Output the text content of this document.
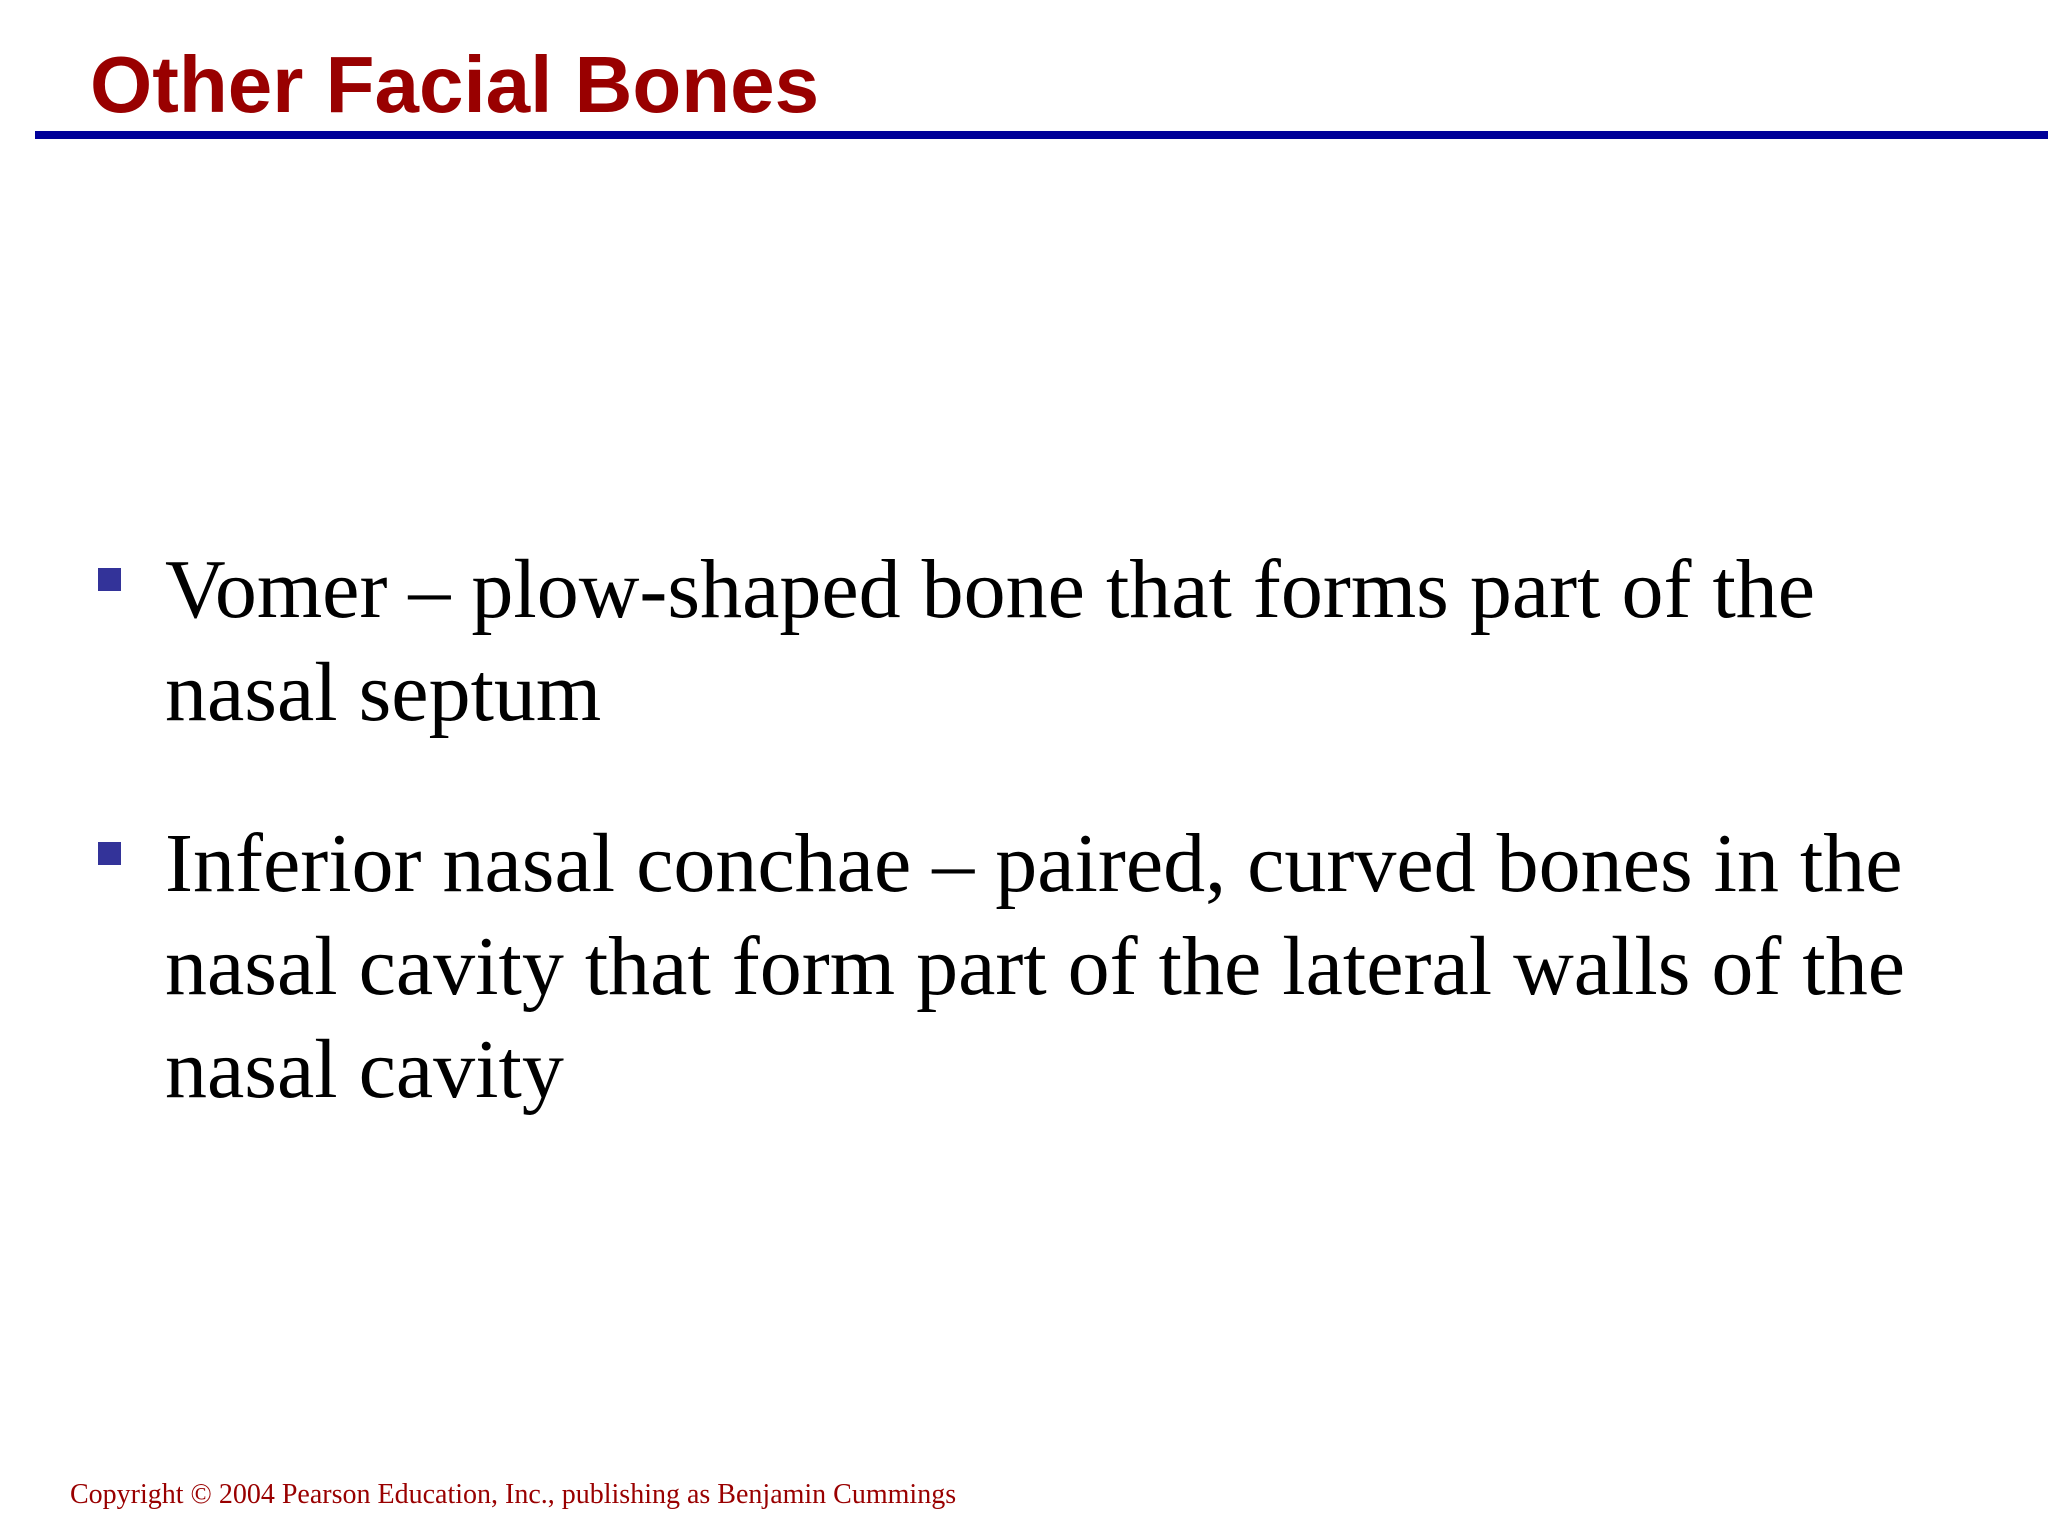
Other Facial Bones

Vomer – plow-shaped bone that forms part of the nasal septum

Inferior nasal conchae – paired, curved bones in the nasal cavity that form part of the lateral walls of the nasal cavity

Copyright © 2004 Pearson Education, Inc., publishing as Benjamin Cummings
